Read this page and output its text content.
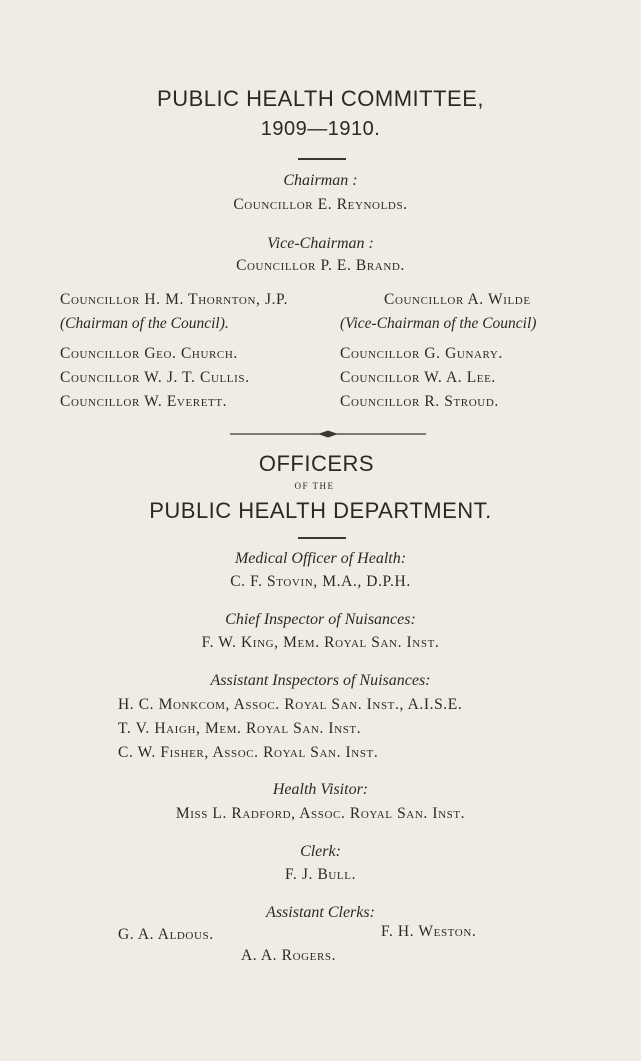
PUBLIC HEALTH COMMITTEE,
1909—1910.
Chairman :
Councillor E. Reynolds.
Vice-Chairman :
Councillor P. E. Brand.
Councillor H. M. Thornton, J.P.
(Chairman of the Council).
Councillor Geo. Church.
Councillor W. J. T. Cullis.
Councillor W. Everett.
Councillor A. Wilde
(Vice-Chairman of the Council)
Councillor G. Gunary.
Councillor W. A. Lee.
Councillor R. Stroud.
OFFICERS
OF THE
PUBLIC HEALTH DEPARTMENT.
Medical Officer of Health:
C. F. Stovin, M.A., D.P.H.
Chief Inspector of Nuisances:
F. W. King, Mem. Royal San. Inst.
Assistant Inspectors of Nuisances:
H. C. Monkcom, Assoc. Royal San. Inst., A.I.S.E.
T. V. Haigh, Mem. Royal San. Inst.
C. W. Fisher, Assoc. Royal San. Inst.
Health Visitor:
Miss L. Radford, Assoc. Royal San. Inst.
Clerk:
F. J. Bull.
Assistant Clerks:
G. A. Aldous.	F. H. Weston.
A. A. Rogers.
